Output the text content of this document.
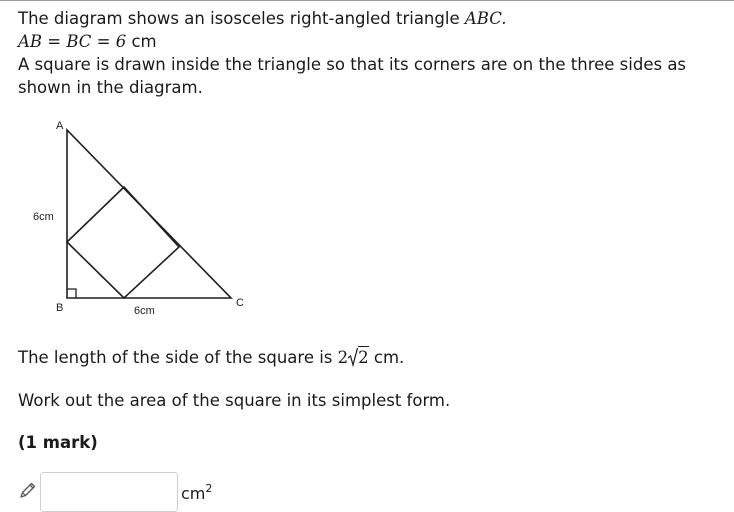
The diagram shows an isosceles right-angled triangle ABC.
AB = BC = 6 cm
A square is drawn inside the triangle so that its corners are on the three sides as shown in the diagram.
A
B	C
6cm
6cm
The length of the side of the square is 2 2 cm.
Work out the area of the square in its simplest form.
(1 mark)
$cm^2$
